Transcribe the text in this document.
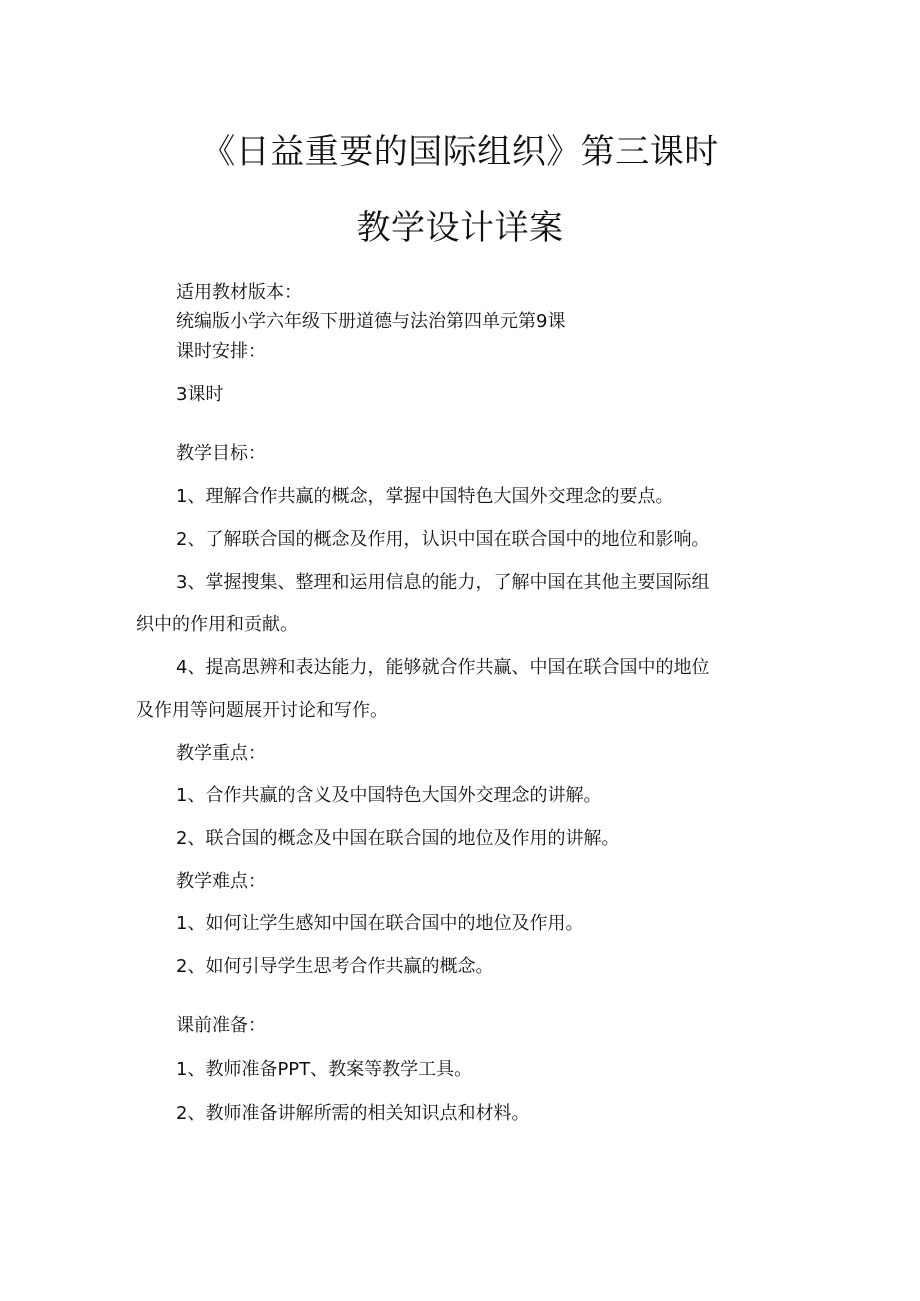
《日益重要的国际组织》第三课时
教学设计详案

适用教材版本：

统编版小学六年级下册道德与法治第四单元第9课

课时安排：

3课时

教学目标：

1、理解合作共赢的概念，掌握中国特色大国外交理念的要点。

2、了解联合国的概念及作用，认识中国在联合国中的地位和影响。

3、掌握搜集、整理和运用信息的能力，了解中国在其他主要国际组

织中的作用和贡献。

4、提高思辨和表达能力，能够就合作共赢、中国在联合国中的地位

及作用等问题展开讨论和写作。

教学重点：

1、合作共赢的含义及中国特色大国外交理念的讲解。

2、联合国的概念及中国在联合国的地位及作用的讲解。

教学难点：

1、如何让学生感知中国在联合国中的地位及作用。

2、如何引导学生思考合作共赢的概念。

课前准备：

1、教师准备PPT、教案等教学工具。

2、教师准备讲解所需的相关知识点和材料。
